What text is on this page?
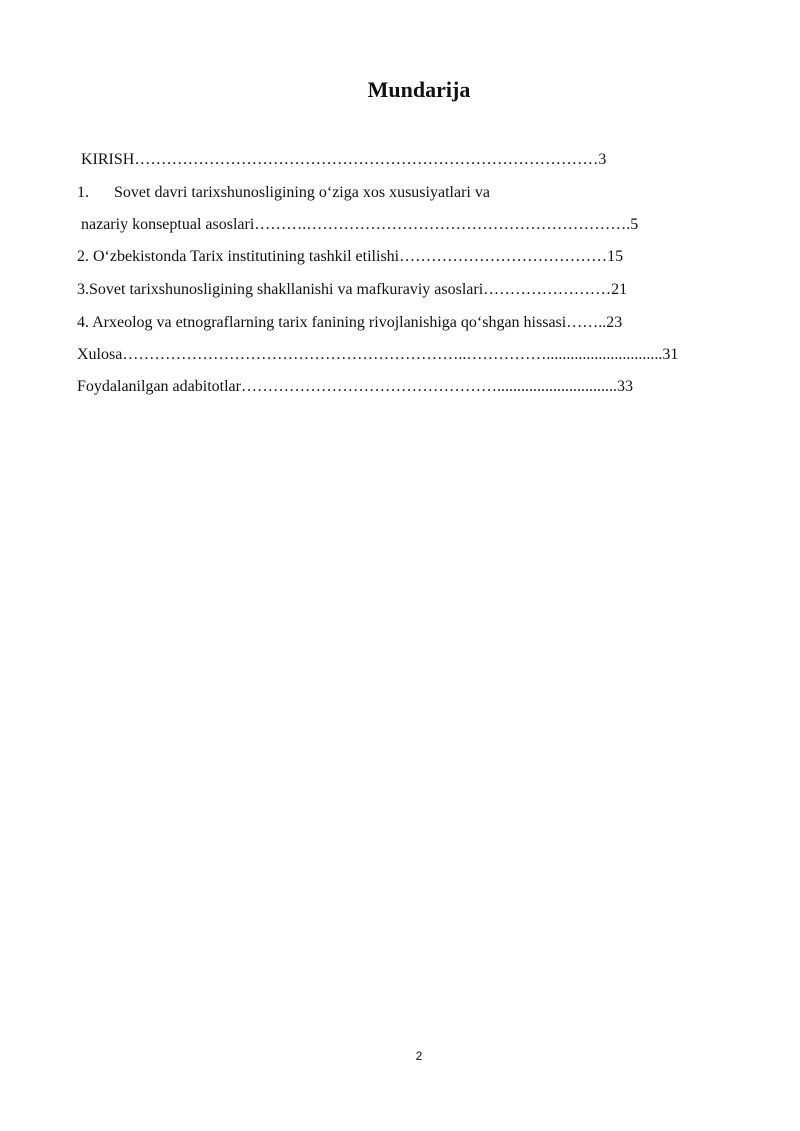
Mundarija
KIRISH……………………………………………………………………………3
1. Sovet davri tarixshunosligining o‘ziga xos xususiyatlari va
nazariy konseptual asoslari……….…………………………………………………….5
2. O‘zbekistonda Tarix institutining tashkil etilishi…………………………………15
3.Sovet tarixshunosligining shakllanishi va mafkuraviy asoslari……………………21
4. Arxeolog va etnograflarning tarix fanining rivojlanishiga qo‘shgan hissasi……..23
Xulosa………………………………………………………..…………….............................31
Foydalanilgan adabitotlar…………………………………………..............................33
2
